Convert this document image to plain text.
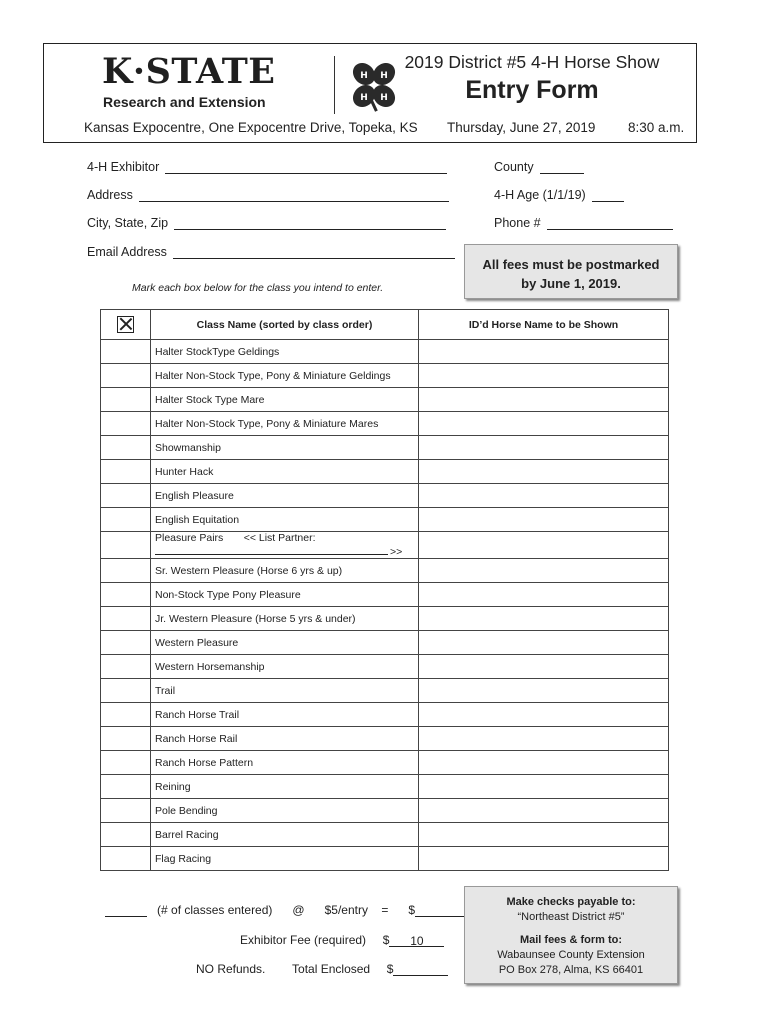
K·STATE
Research and Extension
H H
H H
2019 District #5 4-H Horse Show
Entry Form
Kansas Expocentre, One Expocentre Drive, Topeka, KS Thursday, June 27, 2019 8:30 a.m.
4-H Exhibitor
Address
City, State, Zip
Email Address
County
4-H Age (1/1/19)
Phone #
All fees must be postmarked
by June 1, 2019.
Mark each box below for the class you intend to enter.
	Class Name (sorted by class order)	ID’d Horse Name to be Shown
	Halter StockType Geldings	
	Halter Non-Stock Type, Pony & Miniature Geldings	
	Halter Stock Type Mare	
	Halter Non-Stock Type, Pony & Miniature Mares	
	Showmanship	
	Hunter Hack	
	English Pleasure	
	English Equitation	

	Pleasure Pairs << List Partner:
>>	

	Sr. Western Pleasure (Horse 6 yrs & up)	
	Non-Stock Type Pony Pleasure	
	Jr. Western Pleasure (Horse 5 yrs & under)	
	Western Pleasure	
	Western Horsemanship	
	Trail	
	Ranch Horse Trail	
	Ranch Horse Rail	
	Ranch Horse Pattern	
	Reining	
	Pole Bending	
	Barrel Racing	
	Flag Racing	
(# of classes entered) @ $5/entry = $
Exhibitor Fee (required) $ 10
NO Refunds. Total Enclosed $
Make checks payable to:
“Northeast District #5”
Mail fees & form to:
Wabaunsee County Extension
PO Box 278, Alma, KS 66401
